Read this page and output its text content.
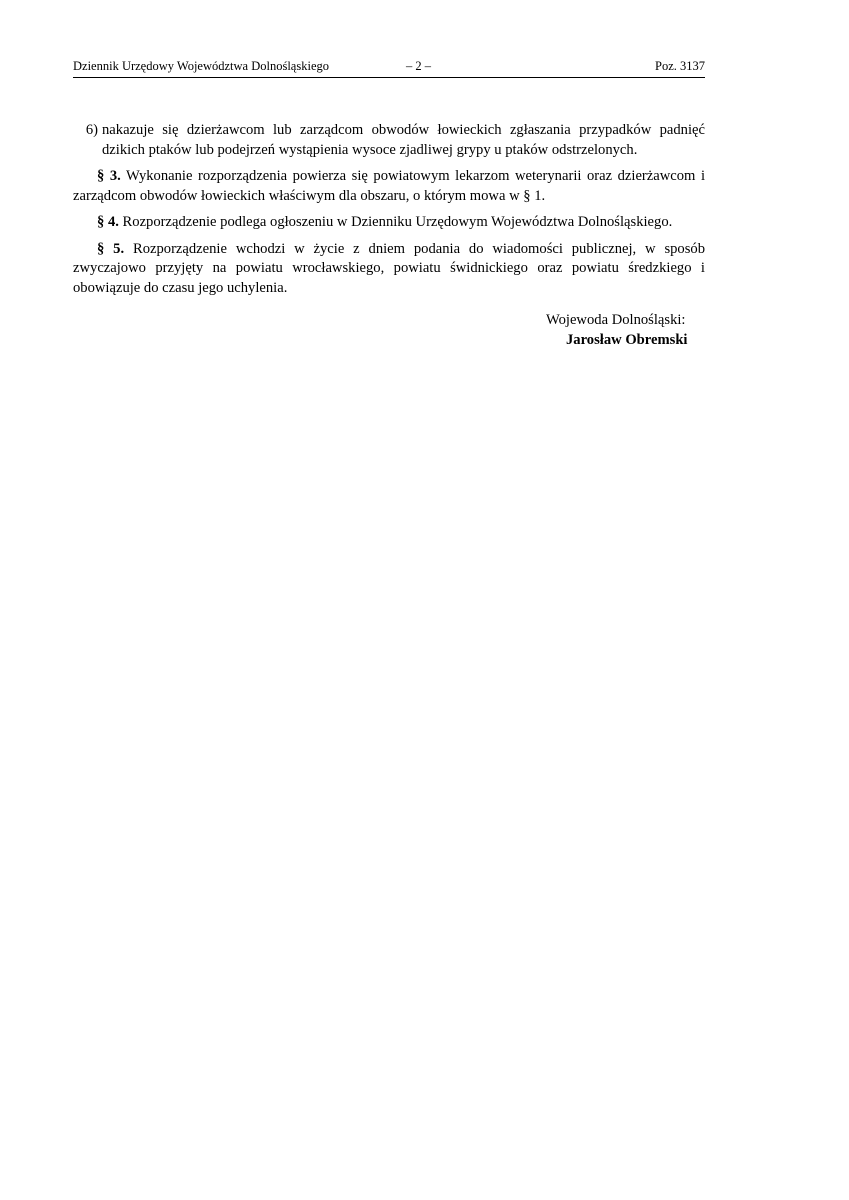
Dziennik Urzędowy Województwa Dolnośląskiego	– 2 –	Poz. 3137
6) nakazuje się dzierżawcom lub zarządcom obwodów łowieckich zgłaszania przypadków padnięć dzikich ptaków lub podejrzeń wystąpienia wysoce zjadliwej grypy u ptaków odstrzelonych.
§ 3. Wykonanie rozporządzenia powierza się powiatowym lekarzom weterynarii oraz dzierżawcom i zarządcom obwodów łowieckich właściwym dla obszaru, o którym mowa w § 1.
§ 4. Rozporządzenie podlega ogłoszeniu w Dzienniku Urzędowym Województwa Dolnośląskiego.
§ 5. Rozporządzenie wchodzi w życie z dniem podania do wiadomości publicznej, w sposób zwyczajowo przyjęty na powiatu wrocławskiego, powiatu świdnickiego oraz powiatu średzkiego i obowiązuje do czasu jego uchylenia.
Wojewoda Dolnośląski:
Jarosław Obremski
